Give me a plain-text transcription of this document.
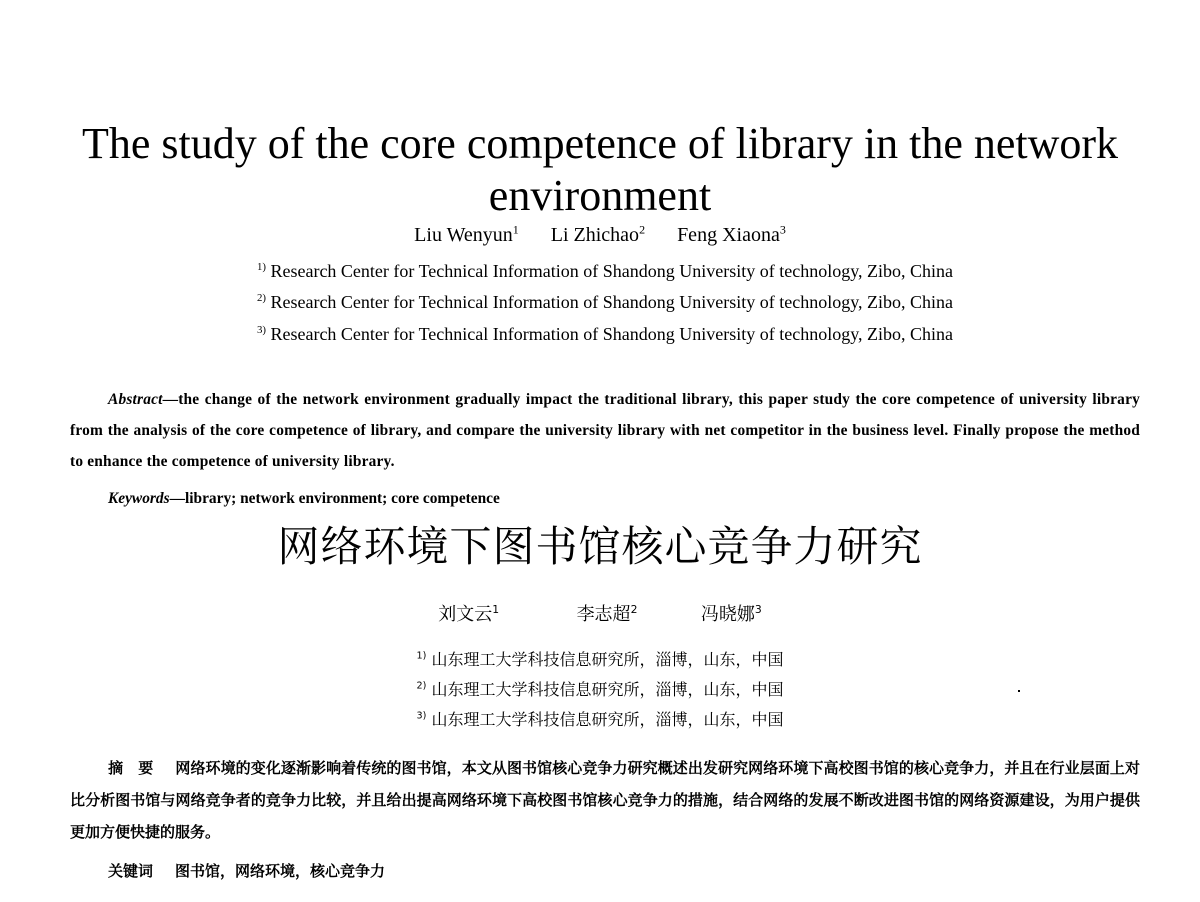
The study of the core competence of library in the network environment
Liu Wenyun$^1$ Li Zhichao$^2$ Feng Xiaona$^3$
$^{1)}$ Research Center for Technical Information of Shandong University of technology, Zibo, China
$^{2)}$ Research Center for Technical Information of Shandong University of technology, Zibo, China
$^{3)}$ Research Center for Technical Information of Shandong University of technology, Zibo, China
Abstract—the change of the network environment gradually impact the traditional library, this paper study the core competence of university library from the analysis of the core competence of library, and compare the university library with net competitor in the business level. Finally propose the method to enhance the competence of university library.
Keywords—library; network environment; core competence
网络环境下图书馆核心竞争力研究
刘文云$^1$	李志超$^2$	冯晓娜$^3$
$^{1)}$ 山东理工大学科技信息研究所，淄博，山东，中国
$^{2)}$ 山东理工大学科技信息研究所，淄博，山东，中国
$^{3)}$ 山东理工大学科技信息研究所，淄博，山东，中国
摘　要 网络环境的变化逐渐影响着传统的图书馆，本文从图书馆核心竞争力研究概述出发研究网络环境下高校图书馆的核心竞争力，并且在行业层面上对比分析图书馆与网络竞争者的竞争力比较，并且给出提高网络环境下高校图书馆核心竞争力的措施，结合网络的发展不断改进图书馆的网络资源建设，为用户提供更加方便快捷的服务。
关键词 图书馆，网络环境，核心竞争力
